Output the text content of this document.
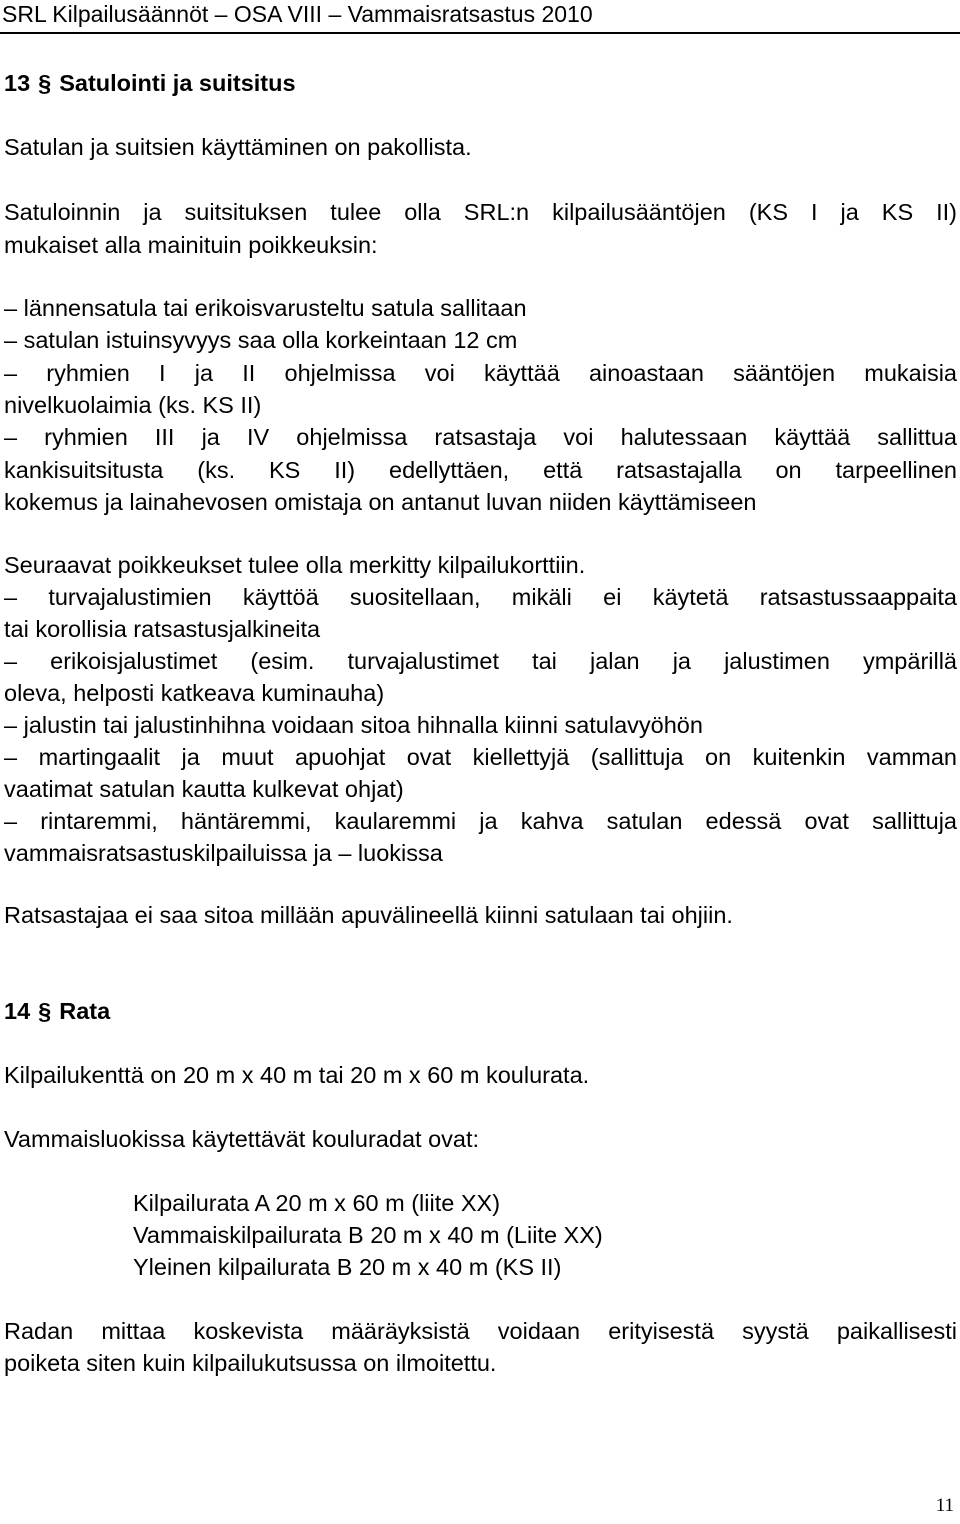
SRL Kilpailusäännöt – OSA VIII – Vammaisratsastus 2010
13 § Satulointi ja suitsitus
Satulan ja suitsien käyttäminen on pakollista.
Satuloinnin ja suitsituksen tulee olla SRL:n kilpailusääntöjen (KS I ja KS II)
mukaiset alla mainituin poikkeuksin:
– lännensatula tai erikoisvarusteltu satula sallitaan
– satulan istuinsyvyys saa olla korkeintaan 12 cm
– ryhmien I ja II ohjelmissa voi käyttää ainoastaan sääntöjen mukaisia
nivelkuolaimia (ks. KS II)
– ryhmien III ja IV ohjelmissa ratsastaja voi halutessaan käyttää sallittua
kankisuitsitusta (ks. KS II) edellyttäen, että ratsastajalla on tarpeellinen
kokemus ja lainahevosen omistaja on antanut luvan niiden käyttämiseen
Seuraavat poikkeukset tulee olla merkitty kilpailukorttiin.
– turvajalustimien käyttöä suositellaan, mikäli ei käytetä ratsastussaappaita
tai korollisia ratsastusjalkineita
– erikoisjalustimet (esim. turvajalustimet tai jalan ja jalustimen ympärillä
oleva, helposti katkeava kuminauha)
– jalustin tai jalustinhihna voidaan sitoa hihnalla kiinni satulavyöhön
– martingaalit ja muut apuohjat ovat kiellettyjä (sallittuja on kuitenkin vamman
vaatimat satulan kautta kulkevat ohjat)
– rintaremmi, häntäremmi, kaularemmi ja kahva satulan edessä ovat sallittuja
vammaisratsastuskilpailuissa ja – luokissa
Ratsastajaa ei saa sitoa millään apuvälineellä kiinni satulaan tai ohjiin.
14 § Rata
Kilpailukenttä on 20 m x 40 m tai 20 m x 60 m koulurata.
Vammaisluokissa käytettävät kouluradat ovat:
Kilpailurata A 20 m x 60 m (liite XX)
Vammaiskilpailurata B 20 m x 40 m (Liite XX)
Yleinen kilpailurata B 20 m x 40 m (KS II)
Radan mittaa koskevista määräyksistä voidaan erityisestä syystä paikallisesti
poiketa siten kuin kilpailukutsussa on ilmoitettu.
11
